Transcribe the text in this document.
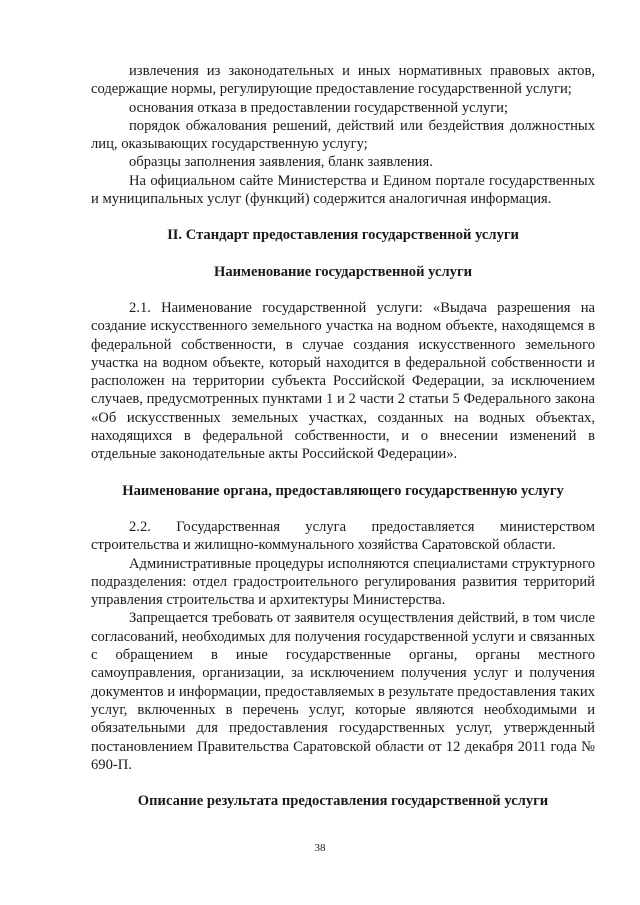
извлечения из законодательных и иных нормативных правовых актов, содержащие нормы, регулирующие предоставление государственной услуги;

основания отказа в предоставлении государственной услуги;

порядок обжалования решений, действий или бездействия должностных лиц, оказывающих государственную услугу;

образцы заполнения заявления, бланк заявления.

На официальном сайте Министерства и Едином портале государственных и муниципальных услуг (функций) содержится аналогичная информация.

II. Стандарт предоставления государственной услуги

Наименование государственной услуги

2.1. Наименование государственной услуги: «Выдача разрешения на создание искусственного земельного участка на водном объекте, находящемся в федеральной собственности, в случае создания искусственного земельного участка на водном объекте, который находится в федеральной собственности и расположен на территории субъекта Российской Федерации, за исключением случаев, предусмотренных пунктами 1 и 2 части 2 статьи 5 Федерального закона «Об искусственных земельных участках, созданных на водных объектах, находящихся в федеральной собственности, и о внесении изменений в отдельные законодательные акты Российской Федерации».

Наименование органа, предоставляющего государственную услугу

2.2. Государственная услуга предоставляется министерством строительства и жилищно-коммунального хозяйства Саратовской области.

Административные процедуры исполняются специалистами структурного подразделения: отдел градостроительного регулирования развития территорий управления строительства и архитектуры Министерства.

Запрещается требовать от заявителя осуществления действий, в том числе согласований, необходимых для получения государственной услуги и связанных с обращением в иные государственные органы, органы местного самоуправления, организации, за исключением получения услуг и получения документов и информации, предоставляемых в результате предоставления таких услуг, включенных в перечень услуг, которые являются необходимыми и обязательными для предоставления государственных услуг, утвержденный постановлением Правительства Саратовской области от 12 декабря 2011 года № 690-П.

Описание результата предоставления государственной услуги

38
